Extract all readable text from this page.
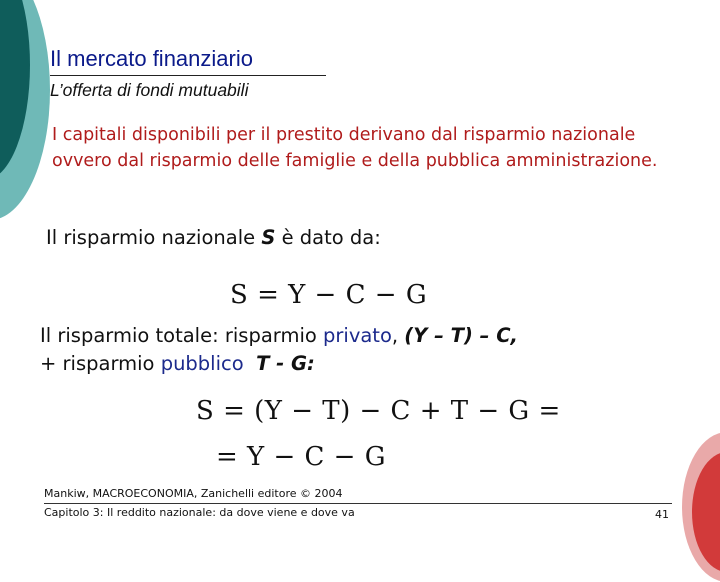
Il mercato finanziario
L’offerta di fondi mutuabili
I capitali disponibili per il prestito derivano dal risparmio nazionale ovvero dal risparmio delle famiglie e della pubblica amministrazione.
Il risparmio nazionale S è dato da:
S = Y − C − G
Il risparmio totale: risparmio privato, (Y – T) – C,
+ risparmio pubblico T - G:
S = (Y − T) − C + T − G =
= Y − C − G
Mankiw, MACROECONOMIA, Zanichelli editore © 2004
Capitolo 3: Il reddito nazionale: da dove viene e dove va	41
